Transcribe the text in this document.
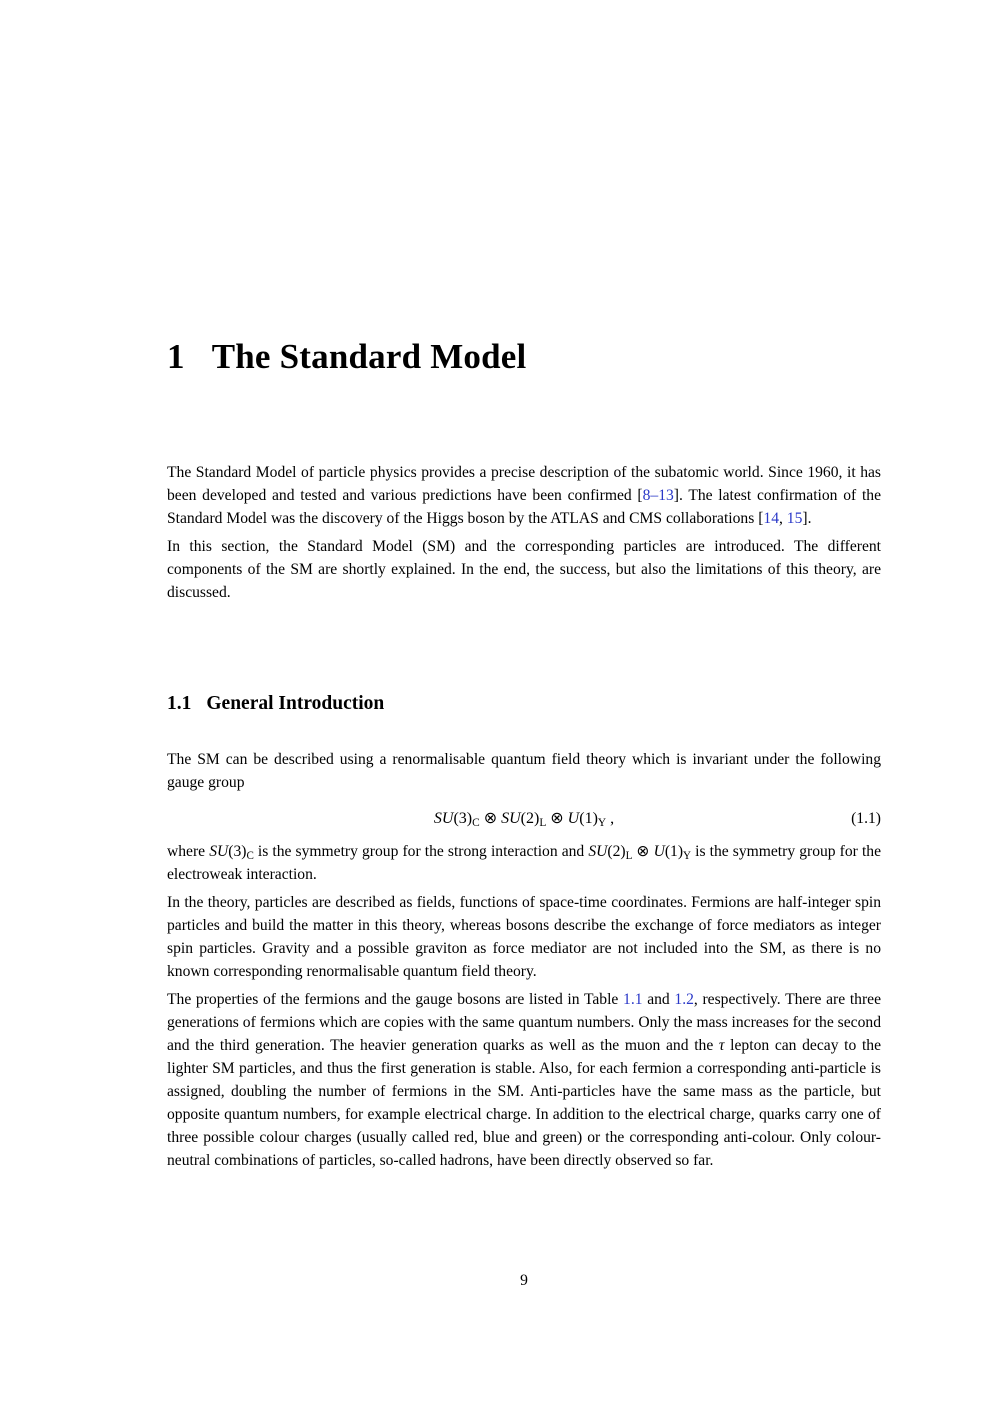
1 The Standard Model

The Standard Model of particle physics provides a precise description of the subatomic world. Since 1960, it has been developed and tested and various predictions have been confirmed [8–13]. The latest confirmation of the Standard Model was the discovery of the Higgs boson by the ATLAS and CMS collaborations [14, 15].

In this section, the Standard Model (SM) and the corresponding particles are introduced. The different components of the SM are shortly explained. In the end, the success, but also the limitations of this theory, are discussed.

1.1 General Introduction

The SM can be described using a renormalisable quantum field theory which is invariant under the following gauge group

$SU(3)_C$ ⊗ $SU(2)_L$ ⊗ $U(1)_Y$ ,	(1.1)

where $SU(3)_C$ is the symmetry group for the strong interaction and $SU(2)_L$ ⊗ $U(1)_Y$ is the symmetry group for the electroweak interaction.

In the theory, particles are described as fields, functions of space-time coordinates. Fermions are half-integer spin particles and build the matter in this theory, whereas bosons describe the exchange of force mediators as integer spin particles. Gravity and a possible graviton as force mediator are not included into the SM, as there is no known corresponding renormalisable quantum field theory.

The properties of the fermions and the gauge bosons are listed in Table 1.1 and 1.2, respectively. There are three generations of fermions which are copies with the same quantum numbers. Only the mass increases for the second and the third generation. The heavier generation quarks as well as the muon and the τ lepton can decay to the lighter SM particles, and thus the first generation is stable. Also, for each fermion a corresponding anti-particle is assigned, doubling the number of fermions in the SM. Anti-particles have the same mass as the particle, but opposite quantum numbers, for example electrical charge. In addition to the electrical charge, quarks carry one of three possible colour charges (usually called red, blue and green) or the corresponding anti-colour. Only colour-neutral combinations of particles, so-called hadrons, have been directly observed so far.

9
